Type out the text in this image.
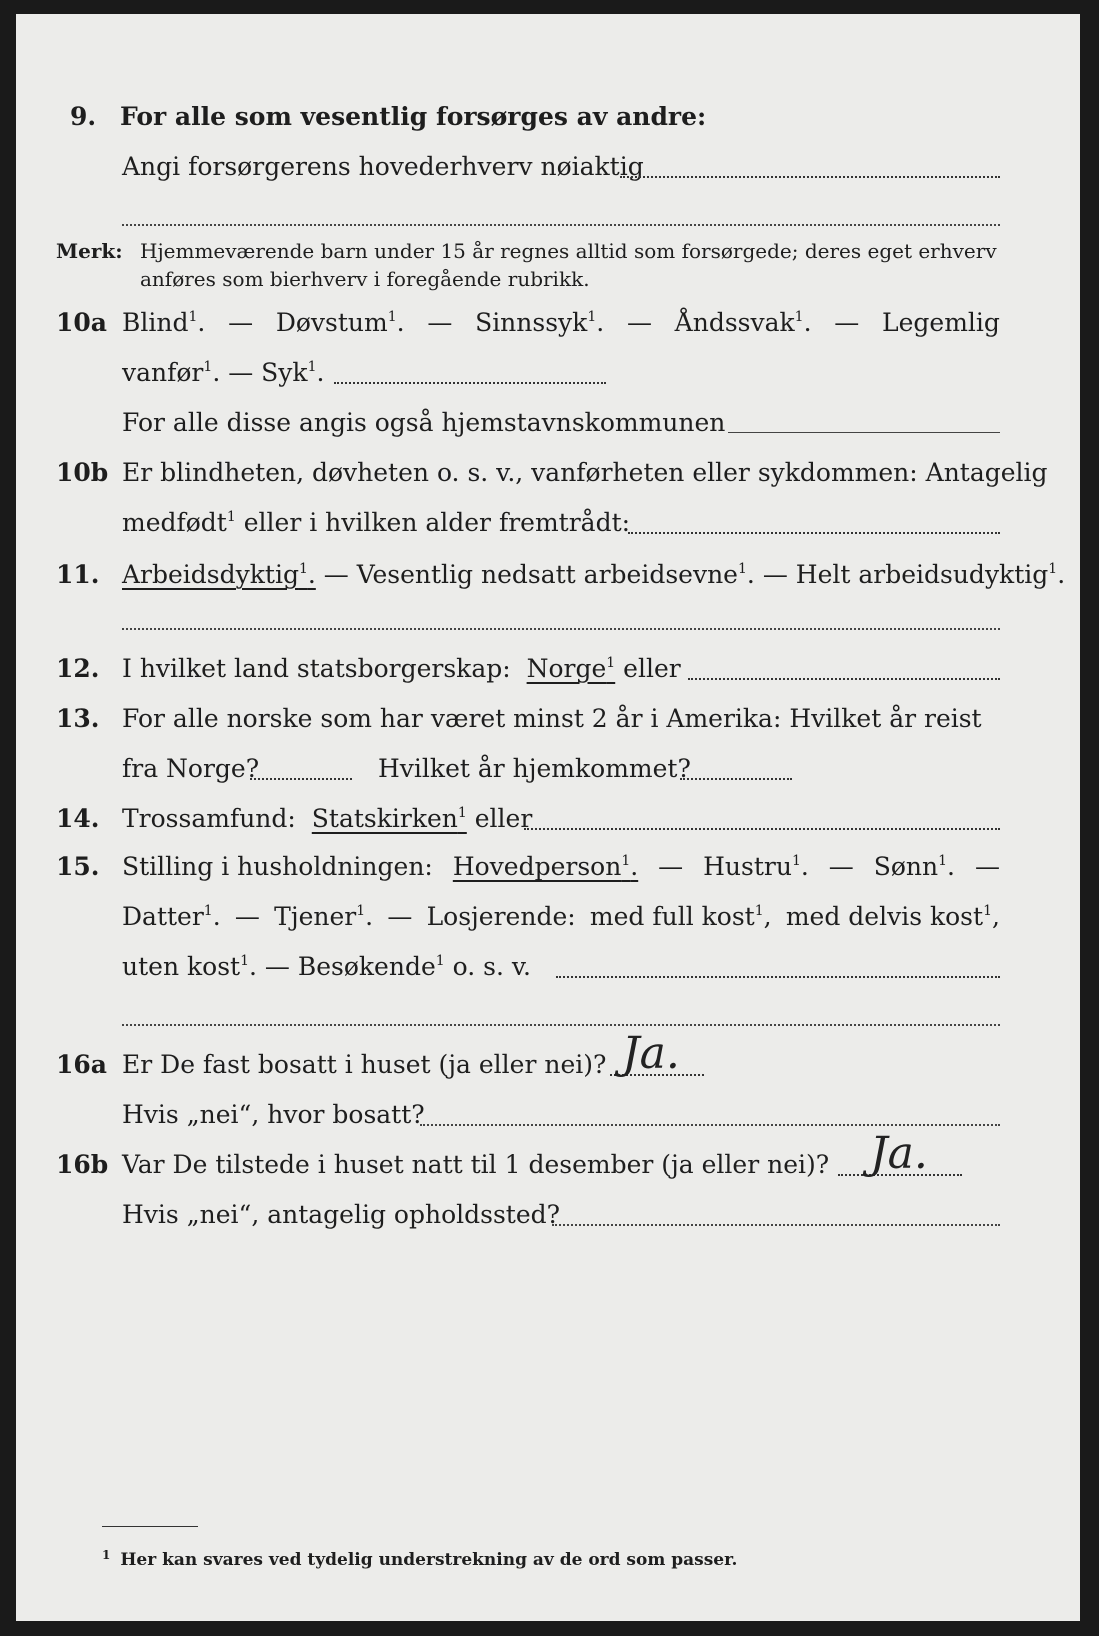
9. For alle som vesentlig forsørges av andre:
Angi forsørgerens hovederhverv nøiaktig
Merk: Hjemmeværende barn under 15 år regnes alltid som forsørgede; deres eget erhverv
anføres som bierhverv i foregående rubrikk.
10a Blind$^1$. — Døvstum$^1$. — Sinnssyk$^1$. — Åndssvak$^1$. — Legemlig
vanfør$^1$. — Syk$^1$.
For alle disse angis også hjemstavnskommunen
10b Er blindheten, døvheten o. s. v., vanførheten eller sykdommen: Antagelig
medfødt$^1$ eller i hvilken alder fremtrådt:
11. Arbeidsdyktig$^1$. — Vesentlig nedsatt arbeidsevne$^1$. — Helt arbeidsudyktig$^1$.
12. I hvilket land statsborgerskap: Norge$^1$ eller
13. For alle norske som har været minst 2 år i Amerika: Hvilket år reist
fra Norge?	Hvilket år hjemkommet?
14. Trossamfund: Statskirken$^1$ eller
15. Stilling i husholdningen: Hovedperson$^1$. — Hustru$^1$. — Sønn$^1$. —
Datter$^1$. — Tjener$^1$. — Losjerende: med full kost$^1$, med delvis kost$^1$,
uten kost$^1$. — Besøkende$^1$ o. s. v.
16a Er De fast bosatt i huset (ja eller nei)? Ja.
Hvis „nei“, hvor bosatt?
16b Var De tilstede i huset natt til 1 desember (ja eller nei)? Ja.
Hvis „nei“, antagelig opholdssted?
$^1$ Her kan svares ved tydelig understrekning av de ord som passer.
